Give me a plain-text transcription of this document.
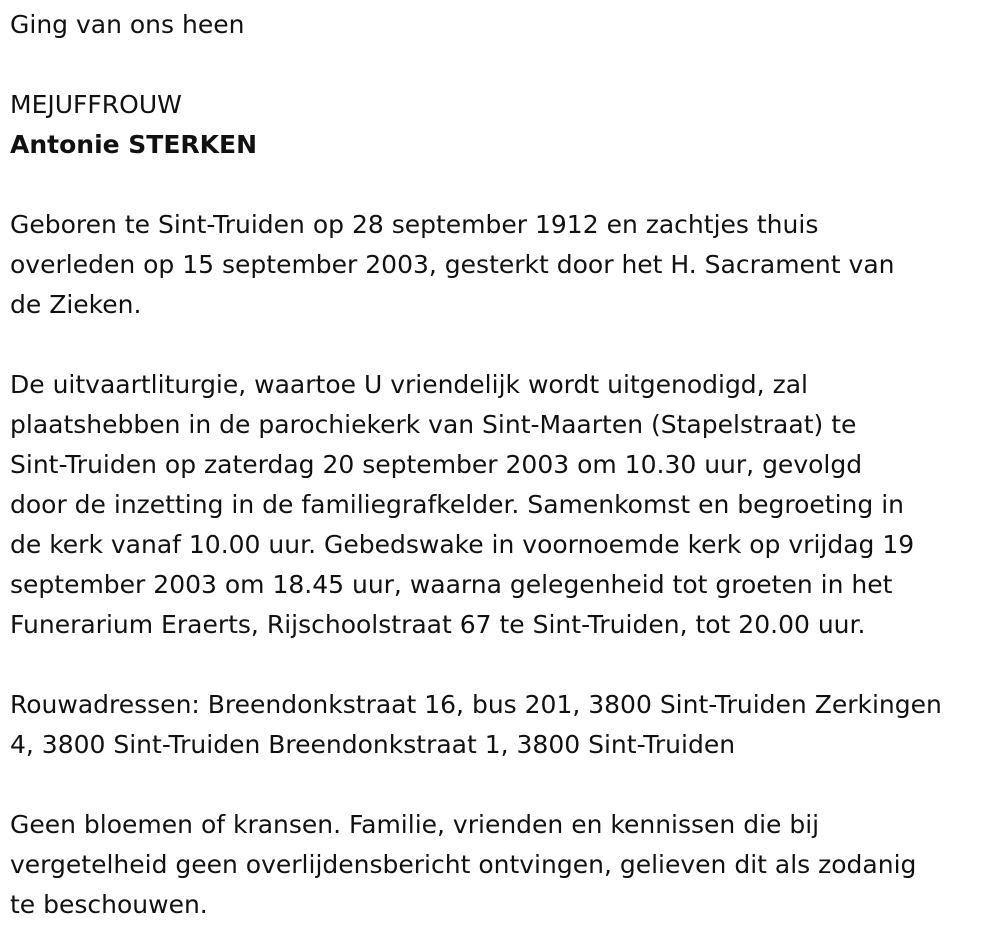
Ging van ons heen
MEJUFFROUW
Antonie STERKEN
Geboren te Sint-Truiden op 28 september 1912 en zachtjes thuis
overleden op 15 september 2003, gesterkt door het H. Sacrament van
de Zieken.
De uitvaartliturgie, waartoe U vriendelijk wordt uitgenodigd, zal
plaatshebben in de parochiekerk van Sint-Maarten (Stapelstraat) te
Sint-Truiden op zaterdag 20 september 2003 om 10.30 uur, gevolgd
door de inzetting in de familiegrafkelder. Samenkomst en begroeting in
de kerk vanaf 10.00 uur. Gebedswake in voornoemde kerk op vrijdag 19
september 2003 om 18.45 uur, waarna gelegenheid tot groeten in het
Funerarium Eraerts, Rijschoolstraat 67 te Sint-Truiden, tot 20.00 uur.
Rouwadressen: Breendonkstraat 16, bus 201, 3800 Sint-Truiden Zerkingen
4, 3800 Sint-Truiden Breendonkstraat 1, 3800 Sint-Truiden
Geen bloemen of kransen. Familie, vrienden en kennissen die bij
vergetelheid geen overlijdensbericht ontvingen, gelieven dit als zodanig
te beschouwen.
